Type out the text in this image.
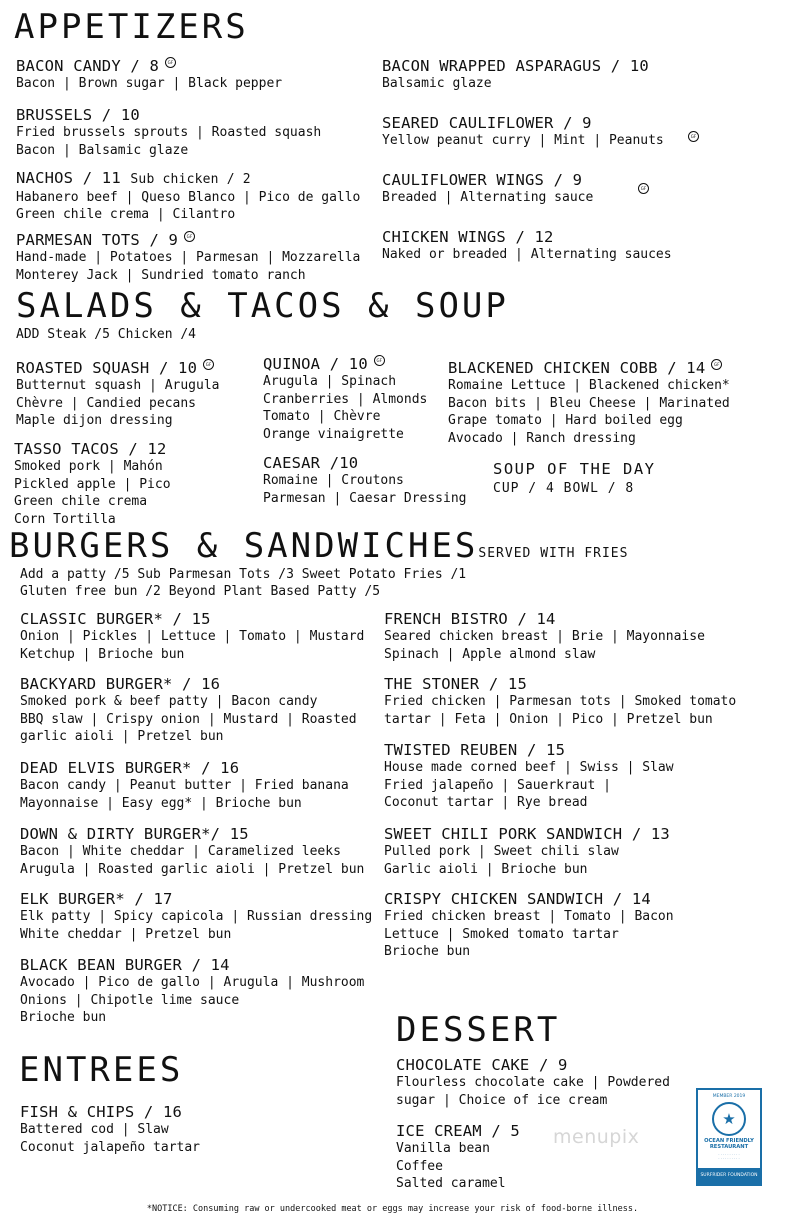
APPETIZERS
BACON CANDY / 8 GF
Bacon | Brown sugar | Black pepper
BRUSSELS / 10
Fried brussels sprouts | Roasted squash
Bacon | Balsamic glaze
NACHOS / 11 Sub chicken / 2
Habanero beef | Queso Blanco | Pico de gallo
Green chile crema | Cilantro
PARMESAN TOTS / 9 GF
Hand-made | Potatoes | Parmesan | Mozzarella
Monterey Jack | Sundried tomato ranch
BACON WRAPPED ASPARAGUS / 10
Balsamic glaze
SEARED CAULIFLOWER / 9
Yellow peanut curry | Mint | Peanuts	GF
CAULIFLOWER WINGS / 9
Breaded | Alternating sauce
GF
CHICKEN WINGS / 12
Naked or breaded | Alternating sauces
SALADS & TACOS & SOUP
ADD Steak /5 Chicken /4
ROASTED SQUASH / 10 GF
Butternut squash | Arugula
Chèvre | Candied pecans
Maple dijon dressing
TASSO TACOS / 12
Smoked pork | Mahón
Pickled apple | Pico
Green chile crema
Corn Tortilla
QUINOA / 10 GF
Arugula | Spinach
Cranberries | Almonds
Tomato | Chèvre
Orange vinaigrette
CAESAR /10
Romaine | Croutons
Parmesan | Caesar Dressing
BLACKENED CHICKEN COBB / 14 GF
Romaine Lettuce | Blackened chicken*
Bacon bits | Bleu Cheese | Marinated
Grape tomato | Hard boiled egg
Avocado | Ranch dressing
SOUP OF THE DAY
CUP / 4 BOWL / 8
BURGERS & SANDWICHESSERVED WITH FRIES
Add a patty /5 Sub Parmesan Tots /3 Sweet Potato Fries /1
Gluten free bun /2 Beyond Plant Based Patty /5
CLASSIC BURGER* / 15
Onion | Pickles | Lettuce | Tomato | Mustard
Ketchup | Brioche bun
BACKYARD BURGER* / 16
Smoked pork & beef patty | Bacon candy
BBQ slaw | Crispy onion | Mustard | Roasted
garlic aioli | Pretzel bun
DEAD ELVIS BURGER* / 16
Bacon candy | Peanut butter | Fried banana
Mayonnaise | Easy egg* | Brioche bun
DOWN & DIRTY BURGER*/ 15
Bacon | White cheddar | Caramelized leeks
Arugula | Roasted garlic aioli | Pretzel bun
ELK BURGER* / 17
Elk patty | Spicy capicola | Russian dressing
White cheddar | Pretzel bun
BLACK BEAN BURGER / 14
Avocado | Pico de gallo | Arugula | Mushroom
Onions | Chipotle lime sauce
Brioche bun
FRENCH BISTRO / 14
Seared chicken breast | Brie | Mayonnaise
Spinach | Apple almond slaw
THE STONER / 15
Fried chicken | Parmesan tots | Smoked tomato
tartar | Feta | Onion | Pico | Pretzel bun
TWISTED REUBEN / 15
House made corned beef | Swiss | Slaw
Fried jalapeño | Sauerkraut |
Coconut tartar | Rye bread
SWEET CHILI PORK SANDWICH / 13
Pulled pork | Sweet chili slaw
Garlic aioli | Brioche bun
CRISPY CHICKEN SANDWICH / 14
Fried chicken breast | Tomato | Bacon
Lettuce | Smoked tomato tartar
Brioche bun
ENTREES
FISH & CHIPS / 16
Battered cod | Slaw
Coconut jalapeño tartar
DESSERT
CHOCOLATE CAKE / 9
Flourless chocolate cake | Powdered
sugar | Choice of ice cream
ICE CREAM / 5
Vanilla bean
Coffee
Salted caramel
menupix
MEMBER 2019
★
OCEAN FRIENDLY
RESTAURANT
· · · · · · · · · ·
· · · · · · · · · ·
SURFRIDER FOUNDATION
*NOTICE: Consuming raw or undercooked meat or eggs may increase your risk of food-borne illness.
